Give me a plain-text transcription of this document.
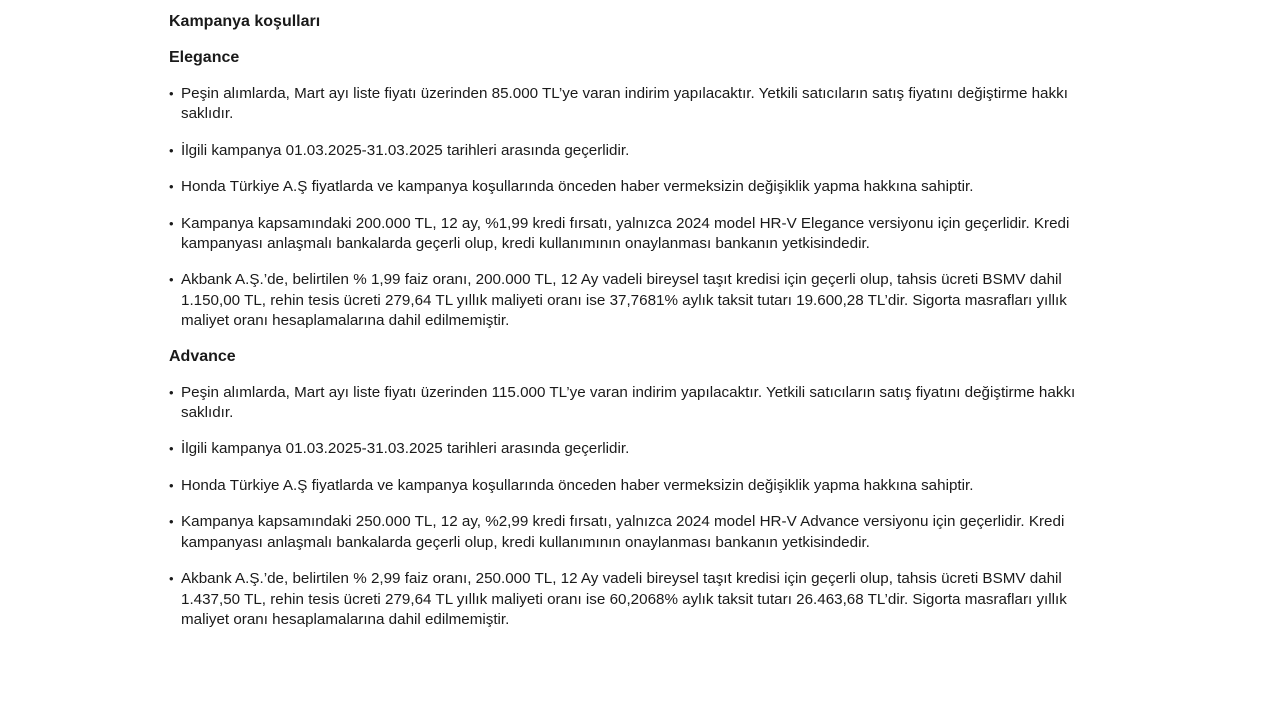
Kampanya koşulları
Elegance
• Peşin alımlarda, Mart ayı liste fiyatı üzerinden 85.000 TL’ye varan indirim yapılacaktır. Yetkili satıcıların satış fiyatını değiştirme hakkı saklıdır.
• İlgili kampanya 01.03.2025-31.03.2025 tarihleri arasında geçerlidir.
• Honda Türkiye A.Ş fiyatlarda ve kampanya koşullarında önceden haber vermeksizin değişiklik yapma hakkına sahiptir.
• Kampanya kapsamındaki 200.000 TL, 12 ay, %1,99 kredi fırsatı, yalnızca 2024 model HR-V Elegance versiyonu için geçerlidir. Kredi kampanyası anlaşmalı bankalarda geçerli olup, kredi kullanımının onaylanması bankanın yetkisindedir.
• Akbank A.Ş.’de, belirtilen % 1,99 faiz oranı, 200.000 TL, 12 Ay vadeli bireysel taşıt kredisi için geçerli olup, tahsis ücreti BSMV dahil 1.150,00 TL, rehin tesis ücreti 279,64 TL yıllık maliyeti oranı ise 37,7681% aylık taksit tutarı 19.600,28 TL’dir. Sigorta masrafları yıllık maliyet oranı hesaplamalarına dahil edilmemiştir.
Advance
• Peşin alımlarda, Mart ayı liste fiyatı üzerinden 115.000 TL’ye varan indirim yapılacaktır. Yetkili satıcıların satış fiyatını değiştirme hakkı saklıdır.
• İlgili kampanya 01.03.2025-31.03.2025 tarihleri arasında geçerlidir.
• Honda Türkiye A.Ş fiyatlarda ve kampanya koşullarında önceden haber vermeksizin değişiklik yapma hakkına sahiptir.
• Kampanya kapsamındaki 250.000 TL, 12 ay, %2,99 kredi fırsatı, yalnızca 2024 model HR-V Advance versiyonu için geçerlidir. Kredi kampanyası anlaşmalı bankalarda geçerli olup, kredi kullanımının onaylanması bankanın yetkisindedir.
• Akbank A.Ş.’de, belirtilen % 2,99 faiz oranı, 250.000 TL, 12 Ay vadeli bireysel taşıt kredisi için geçerli olup, tahsis ücreti BSMV dahil 1.437,50 TL, rehin tesis ücreti 279,64 TL yıllık maliyeti oranı ise 60,2068% aylık taksit tutarı 26.463,68 TL’dir. Sigorta masrafları yıllık maliyet oranı hesaplamalarına dahil edilmemiştir.
